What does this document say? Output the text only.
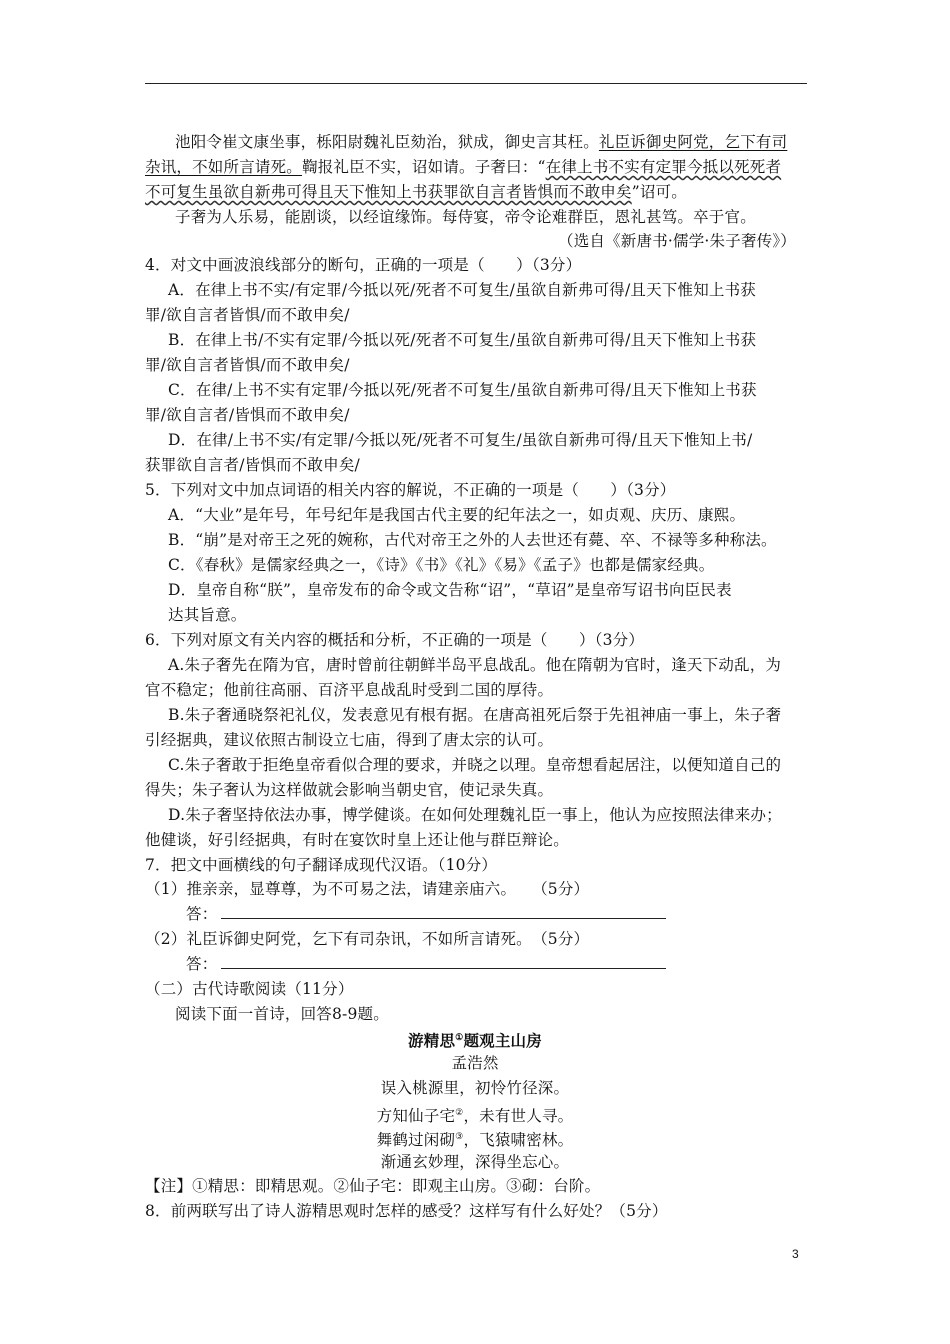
池阳令崔文康坐事，栎阳尉魏礼臣劾治，狱成，御史言其枉。礼臣诉御史阿党，乞下有司
杂讯，不如所言请死。鞫报礼臣不实，诏如请。子奢曰：“在律上书不实有定罪今抵以死死者
不可复生虽欲自新弗可得且天下惟知上书获罪欲自言者皆惧而不敢申矣”诏可。
子奢为人乐易，能剧谈，以经谊缘饰。每侍宴，帝令论难群臣，恩礼甚笃。卒于官。
（选自《新唐书·儒学·朱子奢传》）
4．对文中画波浪线部分的断句，正确的一项是（　　）（3分）
A．在律上书不实/有定罪/今抵以死/死者不可复生/虽欲自新弗可得/且天下惟知上书获
罪/欲自言者皆惧/而不敢申矣/
B．在律上书/不实有定罪/今抵以死/死者不可复生/虽欲自新弗可得/且天下惟知上书获
罪/欲自言者皆惧/而不敢申矣/
C．在律/上书不实有定罪/今抵以死/死者不可复生/虽欲自新弗可得/且天下惟知上书获
罪/欲自言者/皆惧而不敢申矣/
D．在律/上书不实/有定罪/今抵以死/死者不可复生/虽欲自新弗可得/且天下惟知上书/
获罪欲自言者/皆惧而不敢申矣/
5．下列对文中加点词语的相关内容的解说，不正确的一项是（　　）（3分）
A．“大业”是年号，年号纪年是我国古代主要的纪年法之一，如贞观、庆历、康熙。
B．“崩”是对帝王之死的婉称，古代对帝王之外的人去世还有薨、卒、不禄等多种称法。
C．《春秋》是儒家经典之一，《诗》《书》《礼》《易》《孟子》也都是儒家经典。
D．皇帝自称“朕”，皇帝发布的命令或文告称“诏”，“草诏”是皇帝写诏书向臣民表
达其旨意。
6．下列对原文有关内容的概括和分析，不正确的一项是（　　）（3分）
A.朱子奢先在隋为官，唐时曾前往朝鲜半岛平息战乱。他在隋朝为官时，逢天下动乱，为
官不稳定；他前往高丽、百济平息战乱时受到二国的厚待。
B.朱子奢通晓祭祀礼仪，发表意见有根有据。在唐高祖死后祭于先祖神庙一事上，朱子奢
引经据典，建议依照古制设立七庙，得到了唐太宗的认可。
C.朱子奢敢于拒绝皇帝看似合理的要求，并晓之以理。皇帝想看起居注，以便知道自己的
得失；朱子奢认为这样做就会影响当朝史官，使记录失真。
D.朱子奢坚持依法办事，博学健谈。在如何处理魏礼臣一事上，他认为应按照法律来办；
他健谈，好引经据典，有时在宴饮时皇上还让他与群臣辩论。
7．把文中画横线的句子翻译成现代汉语。（10分）
（1）推亲亲，显尊尊，为不可易之法，请建亲庙六。　　（5分）
答：
（2）礼臣诉御史阿党，乞下有司杂讯，不如所言请死。　（5分）
答：
（二）古代诗歌阅读（11分）
阅读下面一首诗，回答8-9题。
8．前两联写出了诗人游精思观时怎样的感受？这样写有什么好处？（5分）
游精思①题观主山房
孟浩然
误入桃源里，初怜竹径深。
方知仙子宅②，未有世人寻。
舞鹤过闲砌③，飞猿啸密林。
渐通玄妙理，深得坐忘心。
【注】①精思：即精思观。②仙子宅：即观主山房。③砌：台阶。
3
